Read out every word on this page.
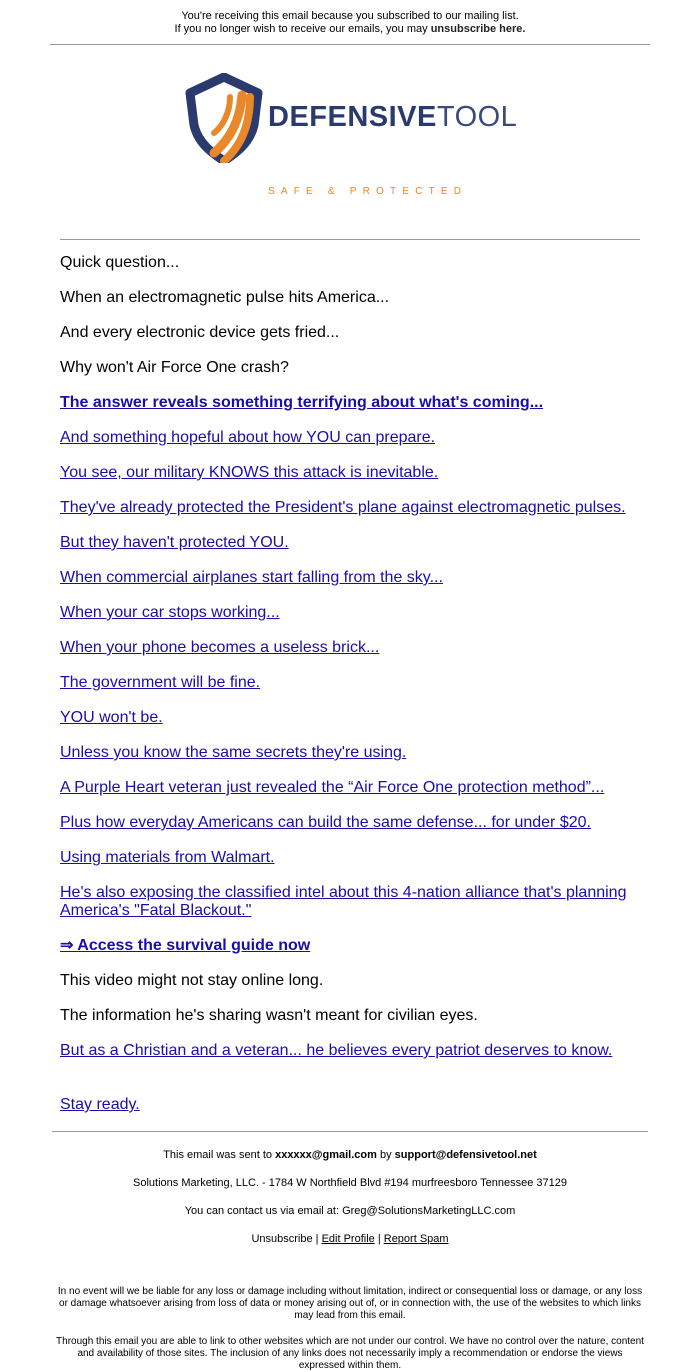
You're receiving this email because you subscribed to our mailing list.
If you no longer wish to receive our emails, you may unsubscribe here.
DEFENSIVETOOL
SAFE & PROTECTED

Quick question...

When an electromagnetic pulse hits America...

And every electronic device gets fried...

Why won't Air Force One crash?

The answer reveals something terrifying about what's coming...

And something hopeful about how YOU can prepare.

You see, our military KNOWS this attack is inevitable.

They've already protected the President's plane against electromagnetic pulses.

But they haven't protected YOU.

When commercial airplanes start falling from the sky...

When your car stops working...

When your phone becomes a useless brick...

The government will be fine.

YOU won't be.

Unless you know the same secrets they're using.

A Purple Heart veteran just revealed the “Air Force One protection method”...

Plus how everyday Americans can build the same defense... for under $20.

Using materials from Walmart.

He's also exposing the classified intel about this 4-nation alliance that's planning America's "Fatal Blackout."

⇒ Access the survival guide now

This video might not stay online long.

The information he's sharing wasn't meant for civilian eyes.

But as a Christian and a veteran... he believes every patriot deserves to know.

Stay ready.

This email was sent to xxxxxx@gmail.com by support@defensivetool.net
Solutions Marketing, LLC. - 1784 W Northfield Blvd #194 murfreesboro Tennessee 37129
You can contact us via email at: Greg@SolutionsMarketingLLC.com
Unsubscribe | Edit Profile | Report Spam

In no event will we be liable for any loss or damage including without limitation, indirect or consequential loss or damage, or any loss or damage whatsoever arising from loss of data or money arising out of, or in connection with, the use of the websites to which links may lead from this email.

Through this email you are able to link to other websites which are not under our control. We have no control over the nature, content and availability of those sites. The inclusion of any links does not necessarily imply a recommendation or endorse the views expressed within them.
